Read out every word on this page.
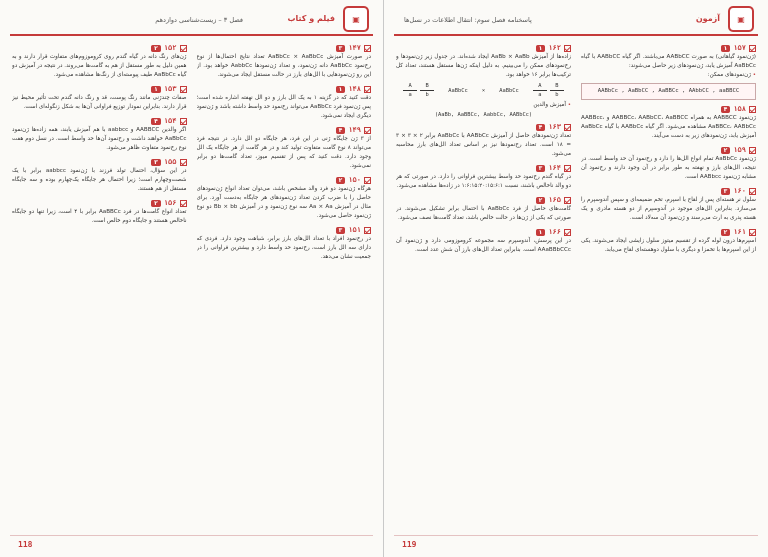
▣
فیلم و کتاب
فصل ۳ – زیست‌شناسی دوازدهم
۱۴۷
۳
در صورت آمیزش AaBbCc × AaBbCc تعداد نتایج احتمال‌ها از نوع رخ‌نمود AaBbCc دانه ژن‌نمود، و تعداد ژن‌نمودها AabbCc خواهد بود. از این رو ژن‌نمودهایی با الل‌های بارز در حالت مستقل ایجاد می‌شوند.
۱۴۸
۱
دقت کنید که در گزینه ۱ به یک الل بارز و دو الل نهفته اشاره شده است؛ پس ژن‌نمود فرد AaBbCc می‌تواند رخ‌نمود حد واسط داشته باشد و ژن‌نمود دیگری ایجاد نمی‌شود.
۱۴۹
۴
از ۳ ژن جایگاه ژنی در این فرد، هر جایگاه دو الل دارد. در نتیجه فرد می‌تواند ۸ نوع گامت متفاوت تولید کند و در هر گامت از هر جایگاه یک الل وجود دارد. دقت کنید که پس از تقسیم میوز، تعداد گامت‌ها دو برابر نمی‌شود.
۱۵۰
۲
هرگاه ژن‌نمود دو فرد والد مشخص باشد، می‌توان تعداد انواع ژن‌نمودهای حاصل را با ضرب کردن تعداد ژن‌نمودهای هر جایگاه به‌دست آورد. برای مثال در آمیزش Aa × Aa سه نوع ژن‌نمود و در آمیزش Bb × bb دو نوع ژن‌نمود حاصل می‌شود.
۱۵۱
۳
در رخ‌نمود افراد با تعداد الل‌های بارز برابر، شباهت وجود دارد. فردی که دارای سه الل بارز است، رخ‌نمود حد واسط دارد و بیشترین فراوانی را در جمعیت نشان می‌دهد.
۱۵۲
۲
ژن‌های رنگ دانه در گیاه گندم روی کروموزوم‌های متفاوت قرار دارند و به همین دلیل به طور مستقل از هم به گامت‌ها می‌روند. در نتیجه در آمیزش دو گیاه AaBbCc طیف پیوسته‌ای از رنگ‌ها مشاهده می‌شود.
۱۵۳
۱
صفات چندژنی مانند رنگ پوست، قد و رنگ دانه گندم تحت تأثیر محیط نیز قرار دارند. بنابراین نمودار توزیع فراوانی آن‌ها به شکل زنگوله‌ای است.
۱۵۴
۴
اگر والدین AABBCC و aabbcc با هم آمیزش یابند، همه زاده‌ها ژن‌نمود AaBbCc خواهند داشت و رخ‌نمود آن‌ها حد واسط است. در نسل دوم هفت نوع رخ‌نمود متفاوت ظاهر می‌شود.
۱۵۵
۳
در این سؤال، احتمال تولد فرزند با ژن‌نمود aabbcc برابر با یک شصت‌وچهارم است؛ زیرا احتمال هر جایگاه یک‌چهارم بوده و سه جایگاه مستقل از هم هستند.
۱۵۶
۲
تعداد انواع گامت‌ها در فرد AaBBCc برابر با ۴ است، زیرا تنها دو جایگاه ناخالص هستند و جایگاه دوم خالص است.
118
▣
آزمون
پاسخنامه فصل سوم: انتقال اطلاعات در نسل‌ها
۱۵۷
۱
(ژن‌نمود گیاهانی) به صورت AABbCC می‌باشند. اگر گیاه AABbCC با گیاه AaBbCc آمیزش یابد، ژن‌نمودهای زیر حاصل می‌شوند:
• ژن‌نمودهای ممکن:
AABbCc , AaBbCC , AaBBCc , AAbbCC , aaBBCC
۱۵۸
۴
ژن‌نمود AABBCC به همراه AABBCc، AABbCC، AaBBCC و AABBcc، AaBBCc، AABbCc مشاهده می‌شود. اگر گیاه AABbCc با گیاه AaBbCc آمیزش یابد، ژن‌نمودهای زیر به دست می‌آیند.
۱۵۹
۲
ژن‌نمود AaBbCc تمام انواع الل‌ها را دارد و رخ‌نمود آن حد واسط است. در نتیجه، الل‌های بارز و نهفته به طور برابر در آن وجود دارند و رخ‌نمود آن مشابه ژن‌نمود AABbcc است.
۱۶۰
۳
سلول نر هسته‌ای پس از لقاح با اسپرم، تخم ضمیمه‌ای و سپس آندوسپرم را می‌سازد. بنابراین الل‌های موجود در آندوسپرم از دو هسته مادری و یک هسته پدری به ارث می‌رسند و ژن‌نمود آن سه‌لاد است.
۱۶۱
۲
اسپرم‌ها درون لوله گرده از تقسیم میتوز سلول زایشی ایجاد می‌شوند. یکی از این اسپرم‌ها با تخمزا و دیگری با سلول دوهسته‌ای لقاح می‌یابد.
۱۶۲
۱
زاده‌ها از آمیزش AaBb × AaBb ایجاد شده‌اند. در جدول زیر ژن‌نمودها و رخ‌نمودهای ممکن را می‌بینیم. به دلیل اینکه ژن‌ها مستقل هستند، تعداد کل ترکیب‌ها برابر ۱۶ خواهد بود.
A
a
B
b
AaBbCc	×	AaBbCc
A
a
B
b
• آمیزش والدین
(AaBb, AaBBCc, AabbCc, AABbCc)
۱۶۳
۴
تعداد ژن‌نمودهای حاصل از آمیزش AABbCc با AaBbCc برابر ۲ × ۳ × ۳ = ۱۸ است. تعداد رخ‌نمودها نیز بر اساس تعداد الل‌های بارز محاسبه می‌شود.
۱۶۴
۳
در گیاه گندم رخ‌نمود حد واسط بیشترین فراوانی را دارد. در صورتی که هر دو والد ناخالص باشند، نسبت ۱:۶:۱۵:۲۰:۱۵:۶:۱ در زاده‌ها مشاهده می‌شود.
۱۶۵
۲
گامت‌های حاصل از فرد AaBbCc با احتمال برابر تشکیل می‌شوند. در صورتی که یکی از ژن‌ها در حالت خالص باشد، تعداد گامت‌ها نصف می‌شود.
۱۶۶
۱
در این پرسش، آندوسپرم سه مجموعه کروموزومی دارد و ژن‌نمود آن AAaBBbCCc است. بنابراین تعداد الل‌های بارز آن شش عدد است.
119
